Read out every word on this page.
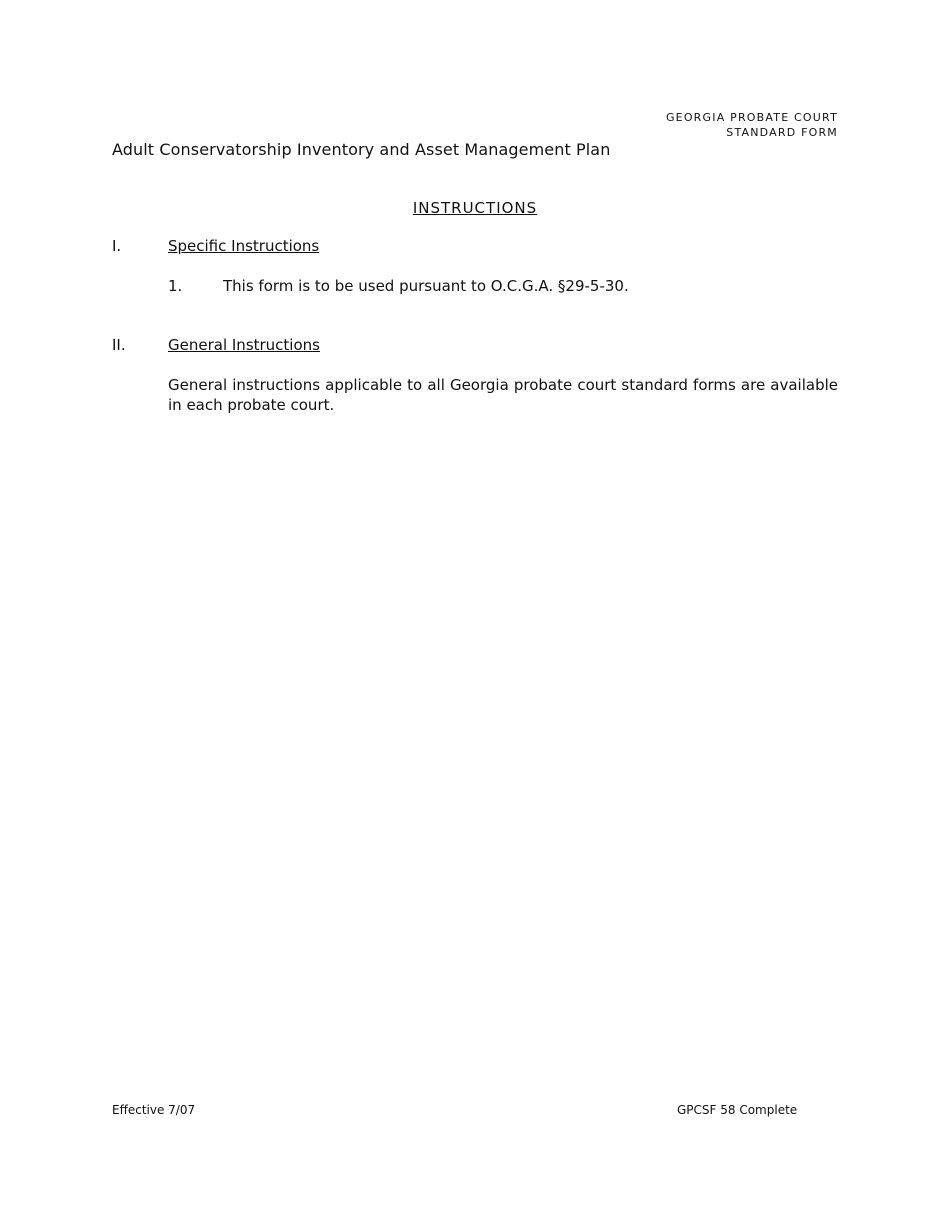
GEORGIA PROBATE COURT
STANDARD FORM
Adult Conservatorship Inventory and Asset Management Plan
INSTRUCTIONS
I.	Specific Instructions
1.	This form is to be used pursuant to O.C.G.A. §29-5-30.
II.	General Instructions
General instructions applicable to all Georgia probate court standard forms are available in each probate court.
Effective 7/07	GPCSF 58 Complete
